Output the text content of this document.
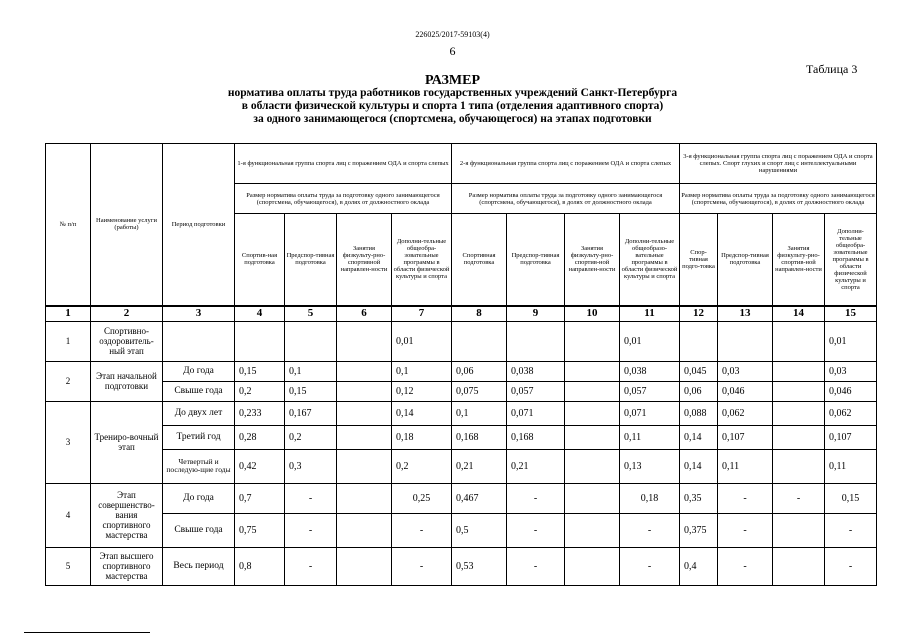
226025/2017-59103(4)
6
Таблица 3
РАЗМЕР
норматива оплаты труда работников государственных учреждений Санкт-Петербурга
в области физической культуры и спорта 1 типа (отделения адаптивного спорта)
за одного занимающегося (спортсмена, обучающегося) на этапах подготовки
№ п/п	Наименование услуги (работы)	Период подготовки	1-я функциональная группа спорта лиц с поражением ОДА и спорта слепых				2-я функциональная группа спорта лиц с поражением ОДА и спорта слепых				3-я функциональная группа спорта лиц с поражением ОДА и спорта слепых. Спорт глухих и спорт лиц с интеллектуальными нарушениями			
			Размер норматива оплаты труда за подготовку одного занимающегося (спортсмена, обучающегося), в долях от должностного оклада				Размер норматива оплаты труда за подготовку одного занимающегося (спортсмена, обучающегося), в долях от должностного оклада				Размер норматива оплаты труда за подготовку одного занимающегося (спортсмена, обучающегося), в долях от должностного оклада			
			Спортив-ная подготовка	Предспор-тивная подготовка	Занятия физкульту-рно-спортивной направлен-ности	Дополни-тельные общеобра-зовательные программы в области физической культуры и спорта	Спортивная подготовка	Предспор-тивная подготовка	Занятия физкульту-рно-спортив-ной направлен-ности	Дополни-тельные общеобразо-вательные программы в области физической культуры и спорта	Спор-тивная подго-товка	Предспор-тивная подготовка	Занятия физкульту-рно-спортив-ной направлен-ности	Дополни-тельные общеобра-зовательные программы в области физической культуры и спорта
1	2	3	4	5	6	7	8	9	10	11	12	13	14	15
1	Спортивно-оздоровитель-ный этап					0,01				0,01				0,01
2	Этап начальной подготовки	До года	0,15	0,1		0,1	0,06	0,038		0,038	0,045	0,03		0,03
		Свыше года	0,2	0,15		0,12	0,075	0,057		0,057	0,06	0,046		0,046
3	Трениро-вочный этап	До двух лет	0,233	0,167		0,14	0,1	0,071		0,071	0,088	0,062		0,062
		Третий год	0,28	0,2		0,18	0,168	0,168		0,11	0,14	0,107		0,107
		Четвертый и последую-щие годы	0,42	0,3		0,2	0,21	0,21		0,13	0,14	0,11		0,11
4	Этап совершенство-вания спортивного мастерства	До года	0,7	-		0,25	0,467	-		0,18	0,35	-	-	0,15
		Свыше года	0,75	-		-	0,5	-		-	0,375	-		-
5	Этап высшего спортивного мастерства	Весь период	0,8	-		-	0,53	-		-	0,4	-		-
